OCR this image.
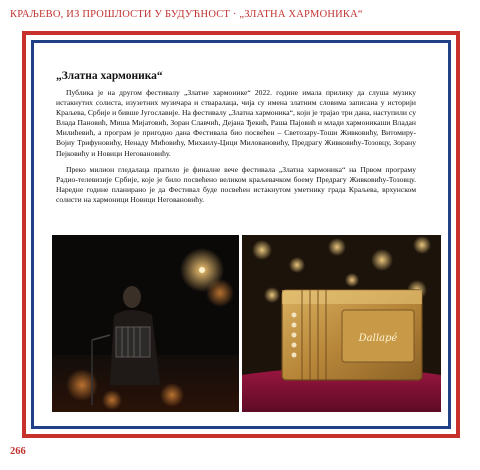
КРАЉЕВО, ИЗ ПРОШЛОСТИ У БУДУЋНОСТ · „ЗЛАТНА ХАРМОНИКА“
„Златна хармоника“

Публика је на другом фестивалу „Златне хармонике“ 2022. године имала прилику да слуша музику истакнутих солиста, изузетних музичара и стваралаца, чија су имена златним словима записана у историји Краљева, Србије и бивше Југославије. На фестивалу „Златна хармоника“, који је трајао три дана, наступили су Влада Пановић, Миша Мијатовић, Зоран Славчић, Дејана Ђекић, Раша Пајовић и млади хармоникаши Владан Милићевић, а програм је пригодно дана Фестивала био посвећен – Светозару-Тоши Живковићу, Витомиру-Војиу Трифуновићу, Ненаду Мићовићу, Михаилу-Цици Миловановићу, Предрагу Живковићу-Тозовцу, Зорану Пејковићу и Новици Неговановићу.

Преко милион гледалаца пратило је финалне вече фестивала „Златна хармоника“ на Првом програму Радио-телевизије Србије, које је било посвећено великом краљевачком боему Предрагу Живковићу-Тозовцу. Наредне године планирано је да Фестивал буде посвећен истакнутом уметнику града Краљева, врхунском солисти на хармоници Новици Неговановићу.

Dallapé
266
